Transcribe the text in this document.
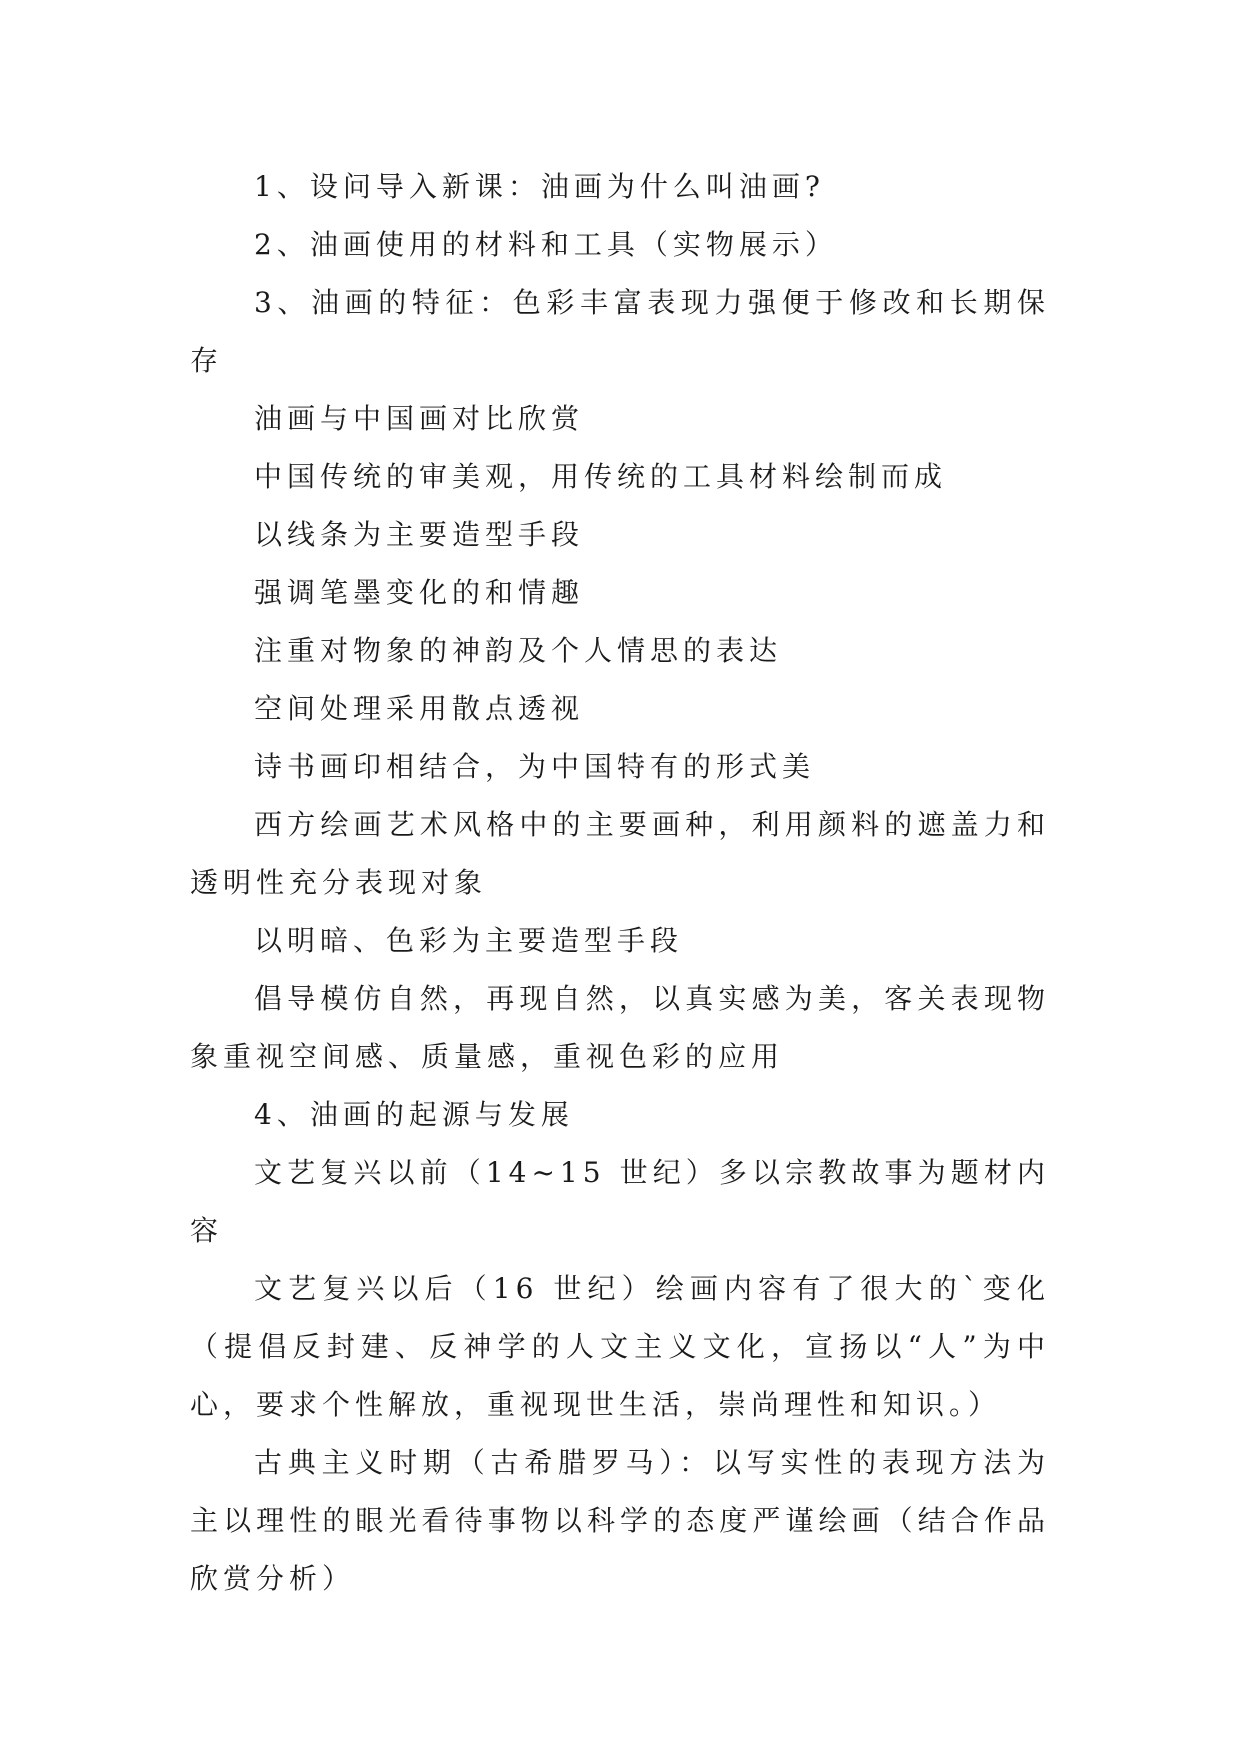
1、设问导入新课：油画为什么叫油画?

2、油画使用的材料和工具（实物展示）

3、油画的特征：色彩丰富表现力强便于修改和长期保存

油画与中国画对比欣赏

中国传统的审美观，用传统的工具材料绘制而成

以线条为主要造型手段

强调笔墨变化的和情趣

注重对物象的神韵及个人情思的表达

空间处理采用散点透视

诗书画印相结合，为中国特有的形式美

西方绘画艺术风格中的主要画种，利用颜料的遮盖力和透明性充分表现对象

以明暗、色彩为主要造型手段

倡导模仿自然，再现自然，以真实感为美，客关表现物象重视空间感、质量感，重视色彩的应用

4、油画的起源与发展

文艺复兴以前（14~15 世纪）多以宗教故事为题材内容

文艺复兴以后（16 世纪）绘画内容有了很大的`变化（提倡反封建、反神学的人文主义文化，宣扬以“人”为中心，要求个性解放，重视现世生活，崇尚理性和知识。）

古典主义时期（古希腊罗马）：以写实性的表现方法为主以理性的眼光看待事物以科学的态度严谨绘画（结合作品欣赏分析）
